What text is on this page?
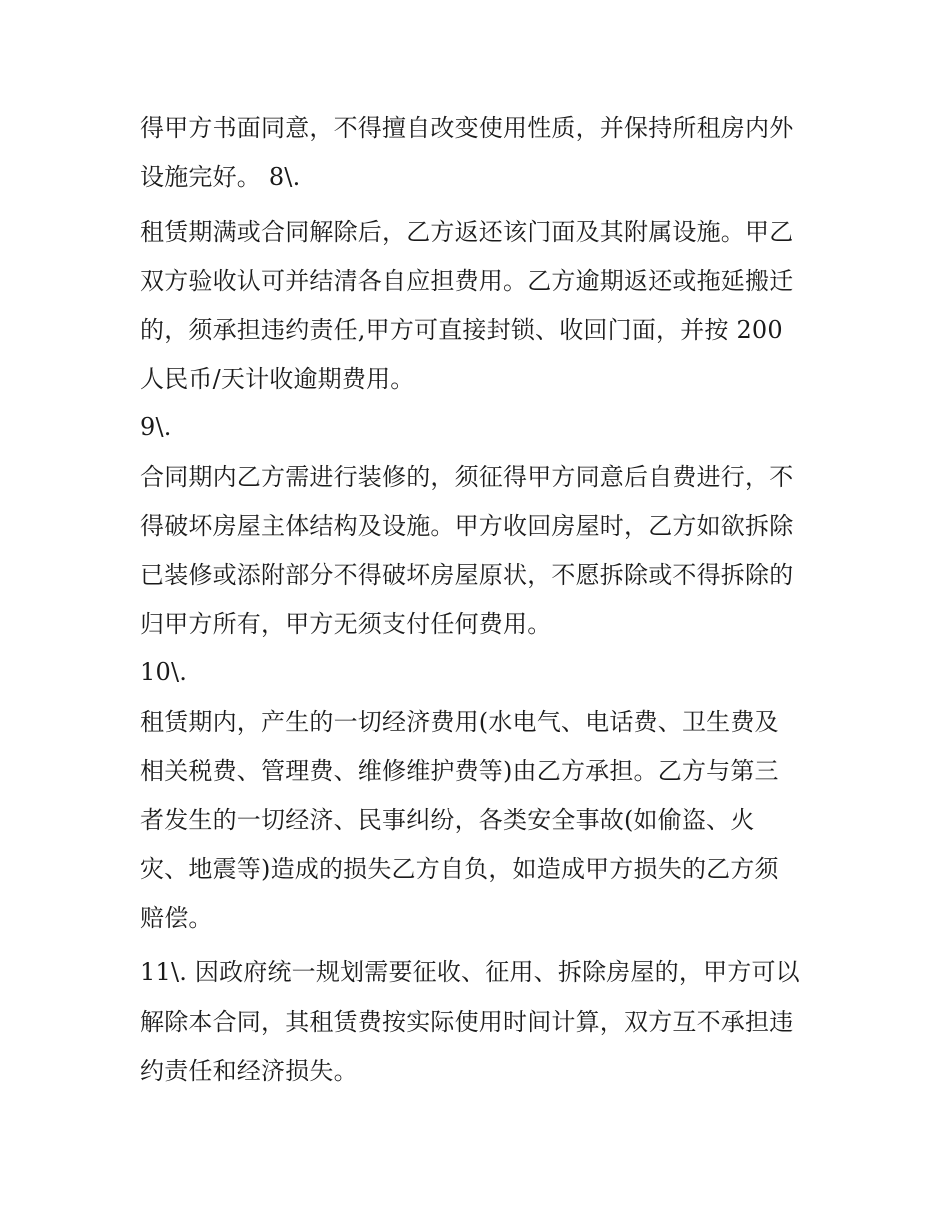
得甲方书面同意，不得擅自改变使用性质，并保持所租房内外
设施完好。 8\.
租赁期满或合同解除后，乙方返还该门面及其附属设施。甲乙
双方验收认可并结清各自应担费用。乙方逾期返还或拖延搬迁
的，须承担违约责任,甲方可直接封锁、收回门面，并按 200
人民币/天计收逾期费用。
9\.
合同期内乙方需进行装修的，须征得甲方同意后自费进行，不
得破坏房屋主体结构及设施。甲方收回房屋时，乙方如欲拆除
已装修或添附部分不得破坏房屋原状，不愿拆除或不得拆除的
归甲方所有，甲方无须支付任何费用。
10\.
租赁期内，产生的一切经济费用(水电气、电话费、卫生费及
相关税费、管理费、维修维护费等)由乙方承担。乙方与第三
者发生的一切经济、民事纠纷，各类安全事故(如偷盗、火
灾、地震等)造成的损失乙方自负，如造成甲方损失的乙方须
赔偿。
11\. 因政府统一规划需要征收、征用、拆除房屋的，甲方可以
解除本合同，其租赁费按实际使用时间计算，双方互不承担违
约责任和经济损失。
